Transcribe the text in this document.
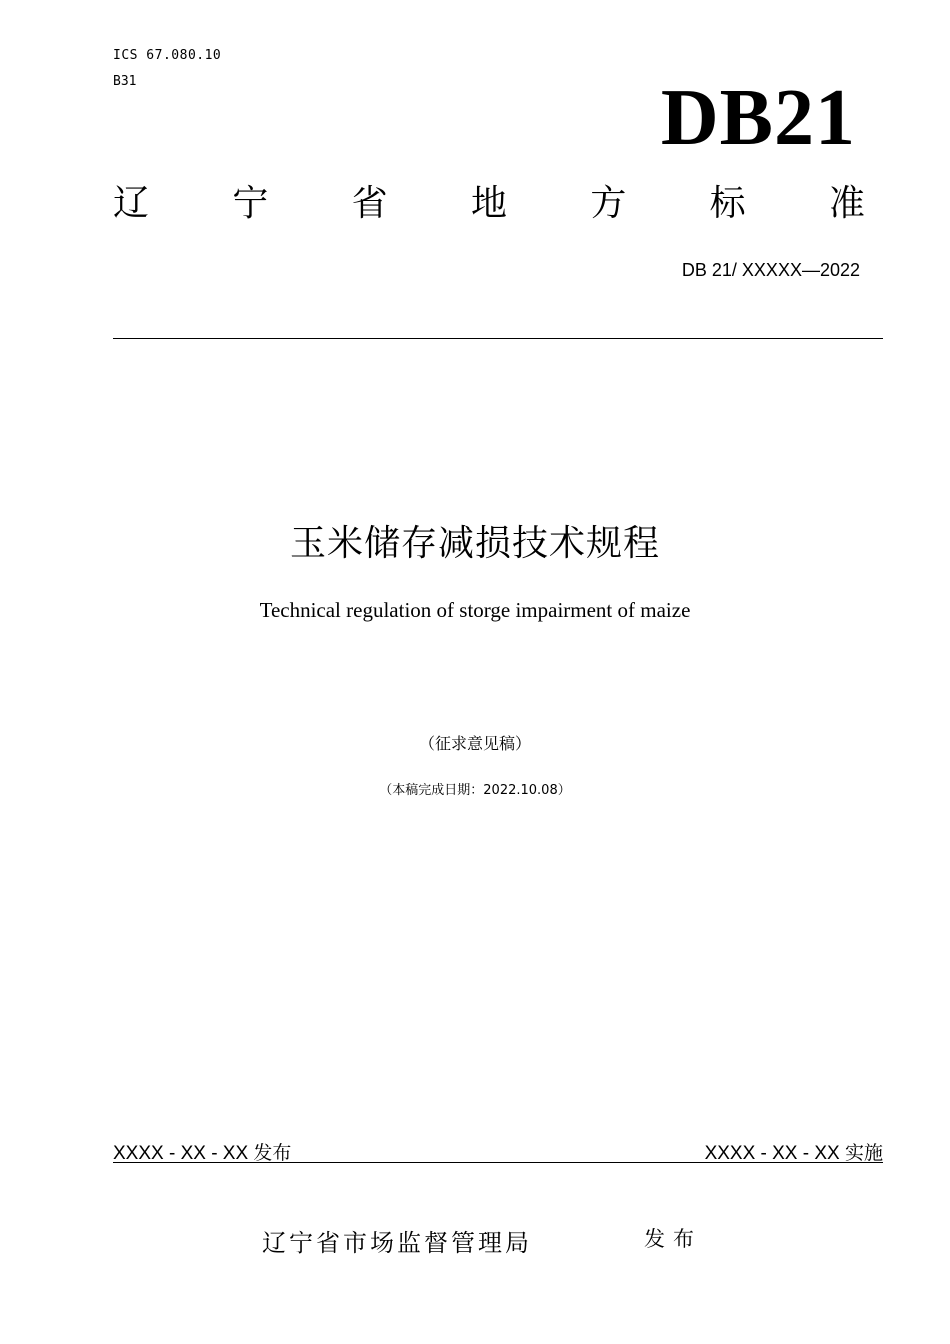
ICS 67.080.10
B31	DB21
辽 宁 省 地 方 标 准
DB 21/ XXXXX—2022
玉米储存减损技术规程
Technical regulation of storge impairment of maize
（征求意见稿）
（本稿完成日期：2022.10.08）
XXXX - XX - XX 发布	XXXX - XX - XX 实施
辽宁省市场监督管理局	发布
